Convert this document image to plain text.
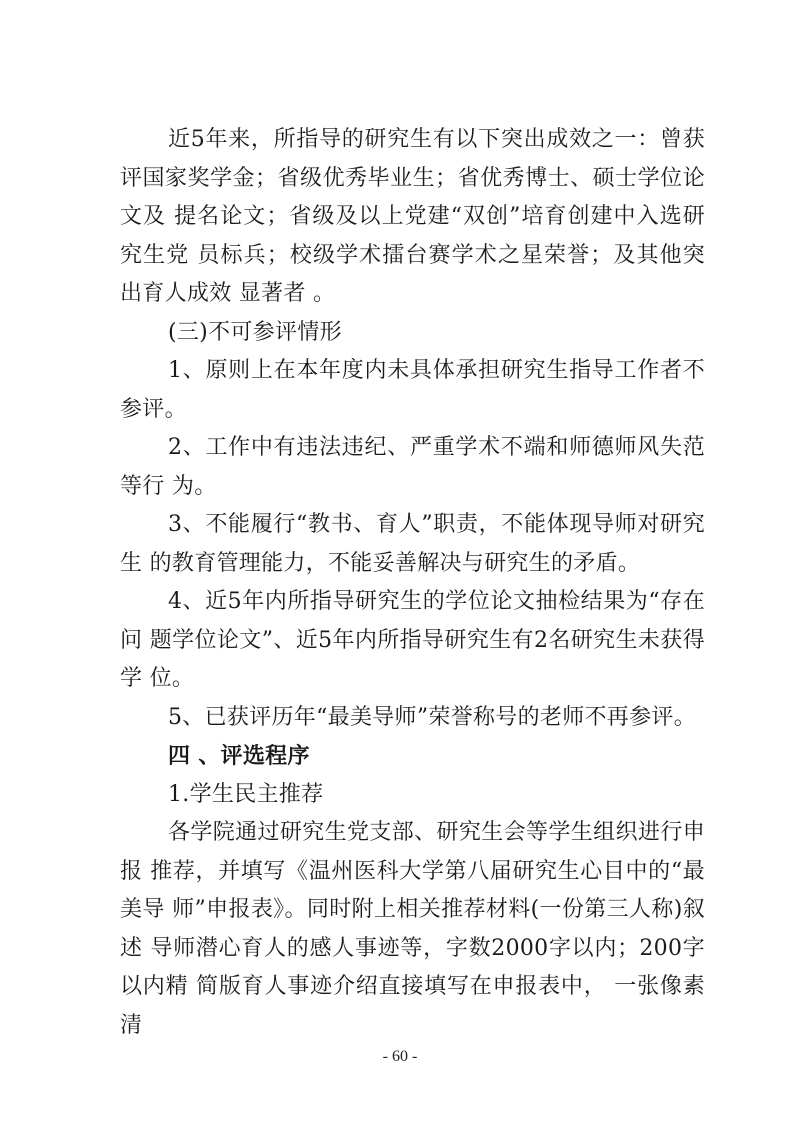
近5年来，所指导的研究生有以下突出成效之一：曾获评国家奖学金；省级优秀毕业生；省优秀博士、硕士学位论文及 提名论文；省级及以上党建“双创”培育创建中入选研究生党 员标兵；校级学术擂台赛学术之星荣誉；及其他突出育人成效 显著者 。

(三)不可参评情形

1、原则上在本年度内未具体承担研究生指导工作者不参评。

2、工作中有违法违纪、严重学术不端和师德师风失范等行 为。

3、不能履行“教书、育人”职责，不能体现导师对研究生 的教育管理能力，不能妥善解决与研究生的矛盾。

4、近5年内所指导研究生的学位论文抽检结果为“存在问 题学位论文”、近5年内所指导研究生有2名研究生未获得学 位。

5、已获评历年“最美导师”荣誉称号的老师不再参评。

四 、评选程序

1.学生民主推荐

各学院通过研究生党支部、研究生会等学生组织进行申报 推荐，并填写《温州医科大学第八届研究生心目中的“最美导 师”申报表》。同时附上相关推荐材料(一份第三人称)叙述 导师潜心育人的感人事迹等，字数2000字以内；200字以内精 简版育人事迹介绍直接填写在申报表中， 一张像素清

- 60 -
